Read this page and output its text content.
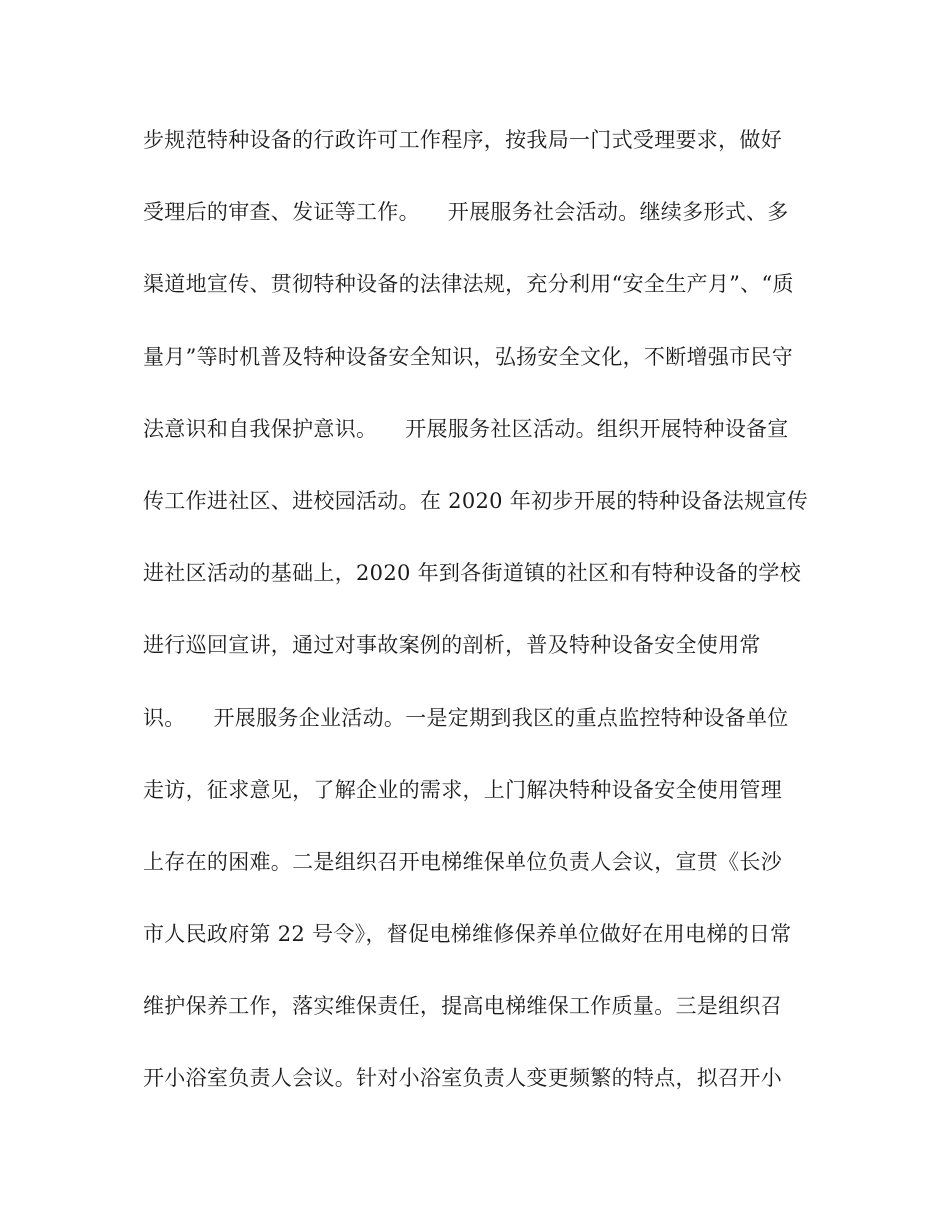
步规范特种设备的行政许可工作程序，按我局一门式受理要求，做好
受理后的审查、发证等工作。    开展服务社会活动。继续多形式、多
渠道地宣传、贯彻特种设备的法律法规，充分利用“安全生产月”、“质
量月”等时机普及特种设备安全知识，弘扬安全文化，不断增强市民守
法意识和自我保护意识。    开展服务社区活动。组织开展特种设备宣
传工作进社区、进校园活动。在 2020 年初步开展的特种设备法规宣传
进社区活动的基础上，2020 年到各街道镇的社区和有特种设备的学校
进行巡回宣讲，通过对事故案例的剖析，普及特种设备安全使用常
识。    开展服务企业活动。一是定期到我区的重点监控特种设备单位
走访，征求意见，了解企业的需求，上门解决特种设备安全使用管理
上存在的困难。二是组织召开电梯维保单位负责人会议，宣贯《长沙
市人民政府第 22 号令》，督促电梯维修保养单位做好在用电梯的日常
维护保养工作，落实维保责任，提高电梯维保工作质量。三是组织召
开小浴室负责人会议。针对小浴室负责人变更频繁的特点，拟召开小
